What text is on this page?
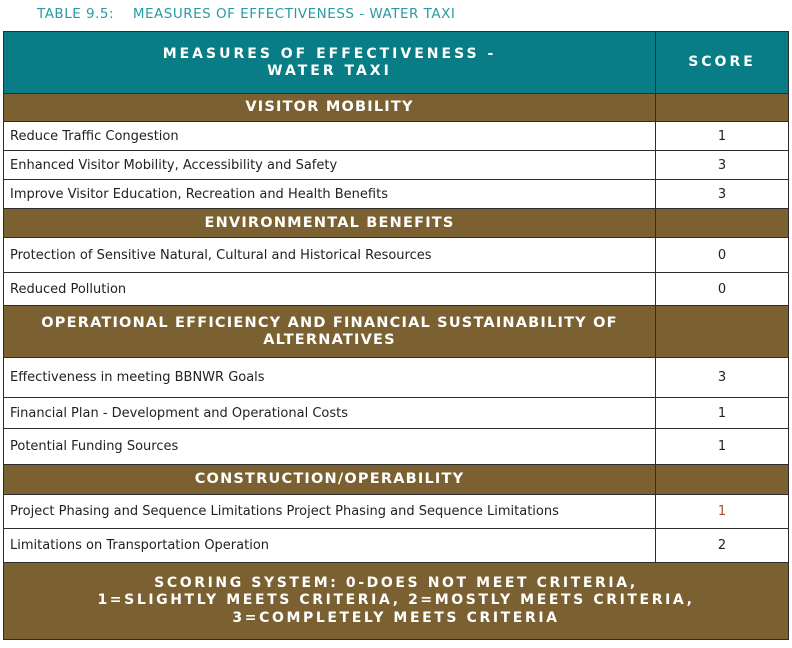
TABLE 9.5: MEASURES OF EFFECTIVENESS - WATER TAXI
MEASURES OF EFFECTIVENESS -
WATER TAXI	SCORE
VISITOR MOBILITY	
Reduce Traffic Congestion	1
Enhanced Visitor Mobility, Accessibility and Safety	3
Improve Visitor Education, Recreation and Health Benefits	3
ENVIRONMENTAL BENEFITS	
Protection of Sensitive Natural, Cultural and Historical Resources	0
Reduced Pollution	0

OPERATIONAL EFFICIENCY AND FINANCIAL SUSTAINABILITY OF
ALTERNATIVES	

Effectiveness in meeting BBNWR Goals	3
Financial Plan - Development and Operational Costs	1
Potential Funding Sources	1
CONSTRUCTION/OPERABILITY	
Project Phasing and Sequence Limitations Project Phasing and Sequence Limitations	1
Limitations on Transportation Operation	2

SCORING SYSTEM: 0-DOES NOT MEET CRITERIA,
1=SLIGHTLY MEETS CRITERIA, 2=MOSTLY MEETS CRITERIA,
3=COMPLETELY MEETS CRITERIA	
